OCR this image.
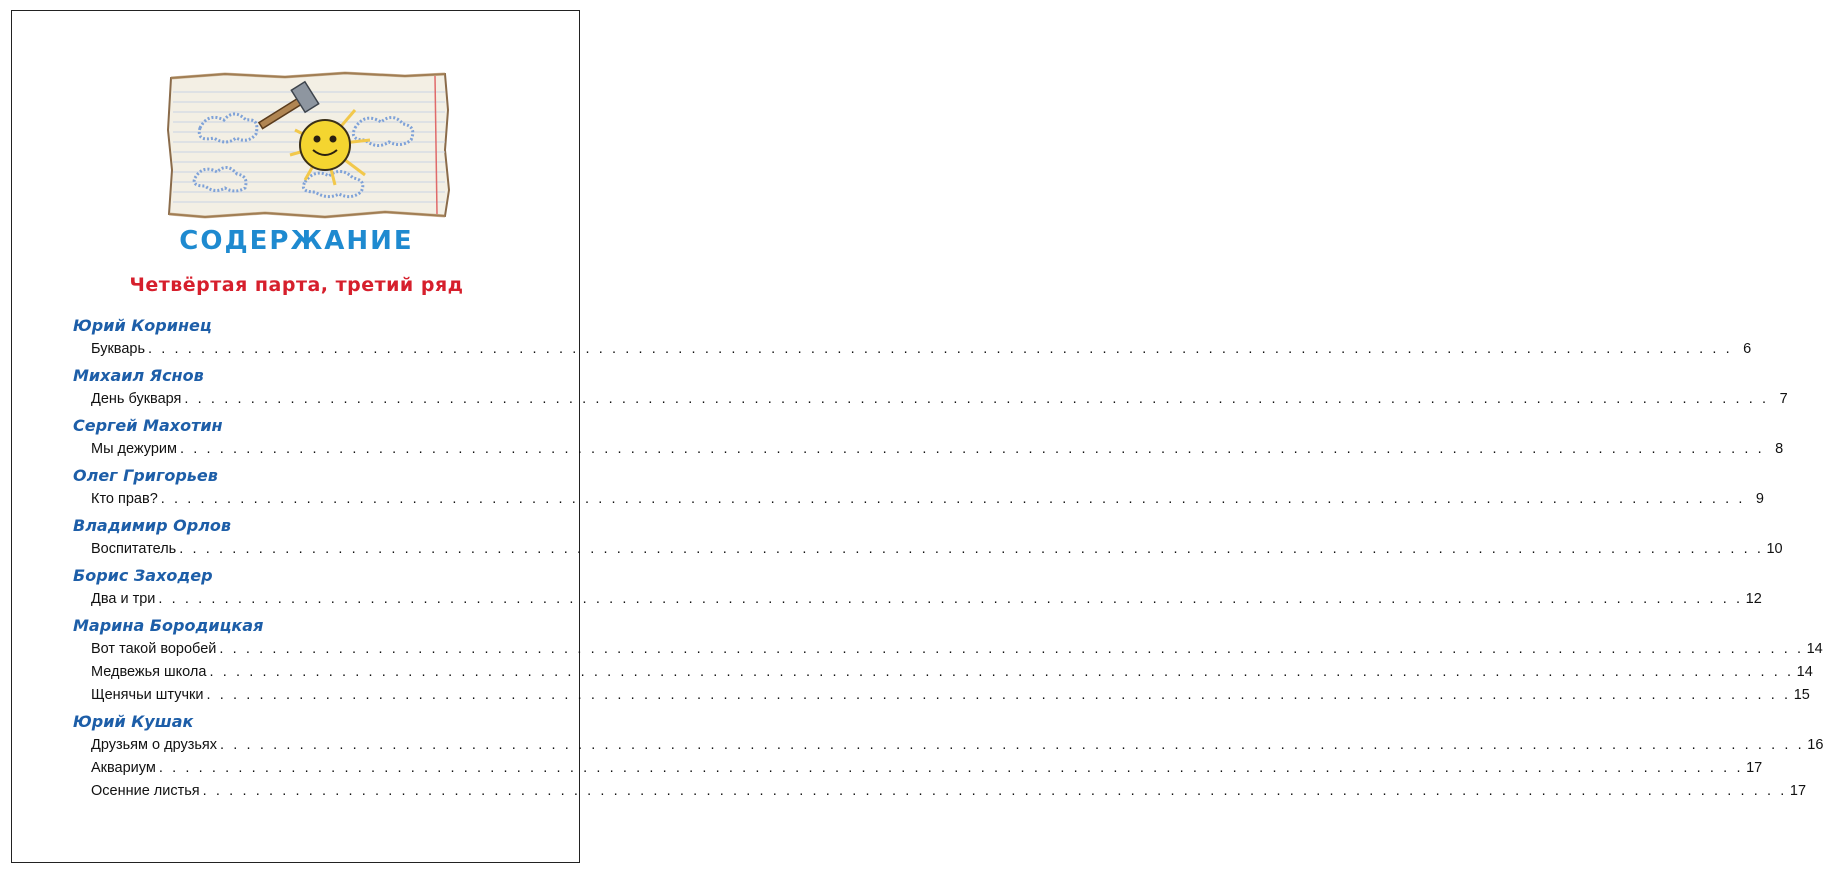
СОДЕРЖАНИЕ
Четвёртая парта, третий ряд
Юрий Коринец
Букварь . . . . . . . . . . . . . . . . . . . . . . . . . . . . . . . . . . . . . . . . . . . . . . . . . . . . . . . . . . . . . . . . . . . . . . . . . . . . . . . . . . . . . . . . . . . . . . . . . . . . . . . . . . . . . . . . . . . . . . . . 6
Михаил Яснов
День букваря . . . . . . . . . . . . . . . . . . . . . . . . . . . . . . . . . . . . . . . . . . . . . . . . . . . . . . . . . . . . . . . . . . . . . . . . . . . . . . . . . . . . . . . . . . . . . . . . . . . . . . . . . . . . . . . . . . . . . . . . 7
Сергей Махотин
Мы дежурим . . . . . . . . . . . . . . . . . . . . . . . . . . . . . . . . . . . . . . . . . . . . . . . . . . . . . . . . . . . . . . . . . . . . . . . . . . . . . . . . . . . . . . . . . . . . . . . . . . . . . . . . . . . . . . . . . . . . . . . . 8
Олег Григорьев
Кто прав? . . . . . . . . . . . . . . . . . . . . . . . . . . . . . . . . . . . . . . . . . . . . . . . . . . . . . . . . . . . . . . . . . . . . . . . . . . . . . . . . . . . . . . . . . . . . . . . . . . . . . . . . . . . . . . . . . . . . . . . . 9
Владимир Орлов
Воспитатель . . . . . . . . . . . . . . . . . . . . . . . . . . . . . . . . . . . . . . . . . . . . . . . . . . . . . . . . . . . . . . . . . . . . . . . . . . . . . . . . . . . . . . . . . . . . . . . . . . . . . . . . . . . . . . . . . . . . . . . . 10
Борис Заходер
Два и три . . . . . . . . . . . . . . . . . . . . . . . . . . . . . . . . . . . . . . . . . . . . . . . . . . . . . . . . . . . . . . . . . . . . . . . . . . . . . . . . . . . . . . . . . . . . . . . . . . . . . . . . . . . . . . . . . . . . . . . . 12
Марина Бородицкая
Вот такой воробей . . . . . . . . . . . . . . . . . . . . . . . . . . . . . . . . . . . . . . . . . . . . . . . . . . . . . . . . . . . . . . . . . . . . . . . . . . . . . . . . . . . . . . . . . . . . . . . . . . . . . . . . . . . . . . . . . . . . . . . . 14
Медвежья школа . . . . . . . . . . . . . . . . . . . . . . . . . . . . . . . . . . . . . . . . . . . . . . . . . . . . . . . . . . . . . . . . . . . . . . . . . . . . . . . . . . . . . . . . . . . . . . . . . . . . . . . . . . . . . . . . . . . . . . . . 14
Щенячьи штучки . . . . . . . . . . . . . . . . . . . . . . . . . . . . . . . . . . . . . . . . . . . . . . . . . . . . . . . . . . . . . . . . . . . . . . . . . . . . . . . . . . . . . . . . . . . . . . . . . . . . . . . . . . . . . . . . . . . . . . . . 15
Юрий Кушак
Друзьям о друзьях . . . . . . . . . . . . . . . . . . . . . . . . . . . . . . . . . . . . . . . . . . . . . . . . . . . . . . . . . . . . . . . . . . . . . . . . . . . . . . . . . . . . . . . . . . . . . . . . . . . . . . . . . . . . . . . . . . . . . . . . 16
Аквариум . . . . . . . . . . . . . . . . . . . . . . . . . . . . . . . . . . . . . . . . . . . . . . . . . . . . . . . . . . . . . . . . . . . . . . . . . . . . . . . . . . . . . . . . . . . . . . . . . . . . . . . . . . . . . . . . . . . . . . . . 17
Осенние листья . . . . . . . . . . . . . . . . . . . . . . . . . . . . . . . . . . . . . . . . . . . . . . . . . . . . . . . . . . . . . . . . . . . . . . . . . . . . . . . . . . . . . . . . . . . . . . . . . . . . . . . . . . . . . . . . . . . . . . . . 17
